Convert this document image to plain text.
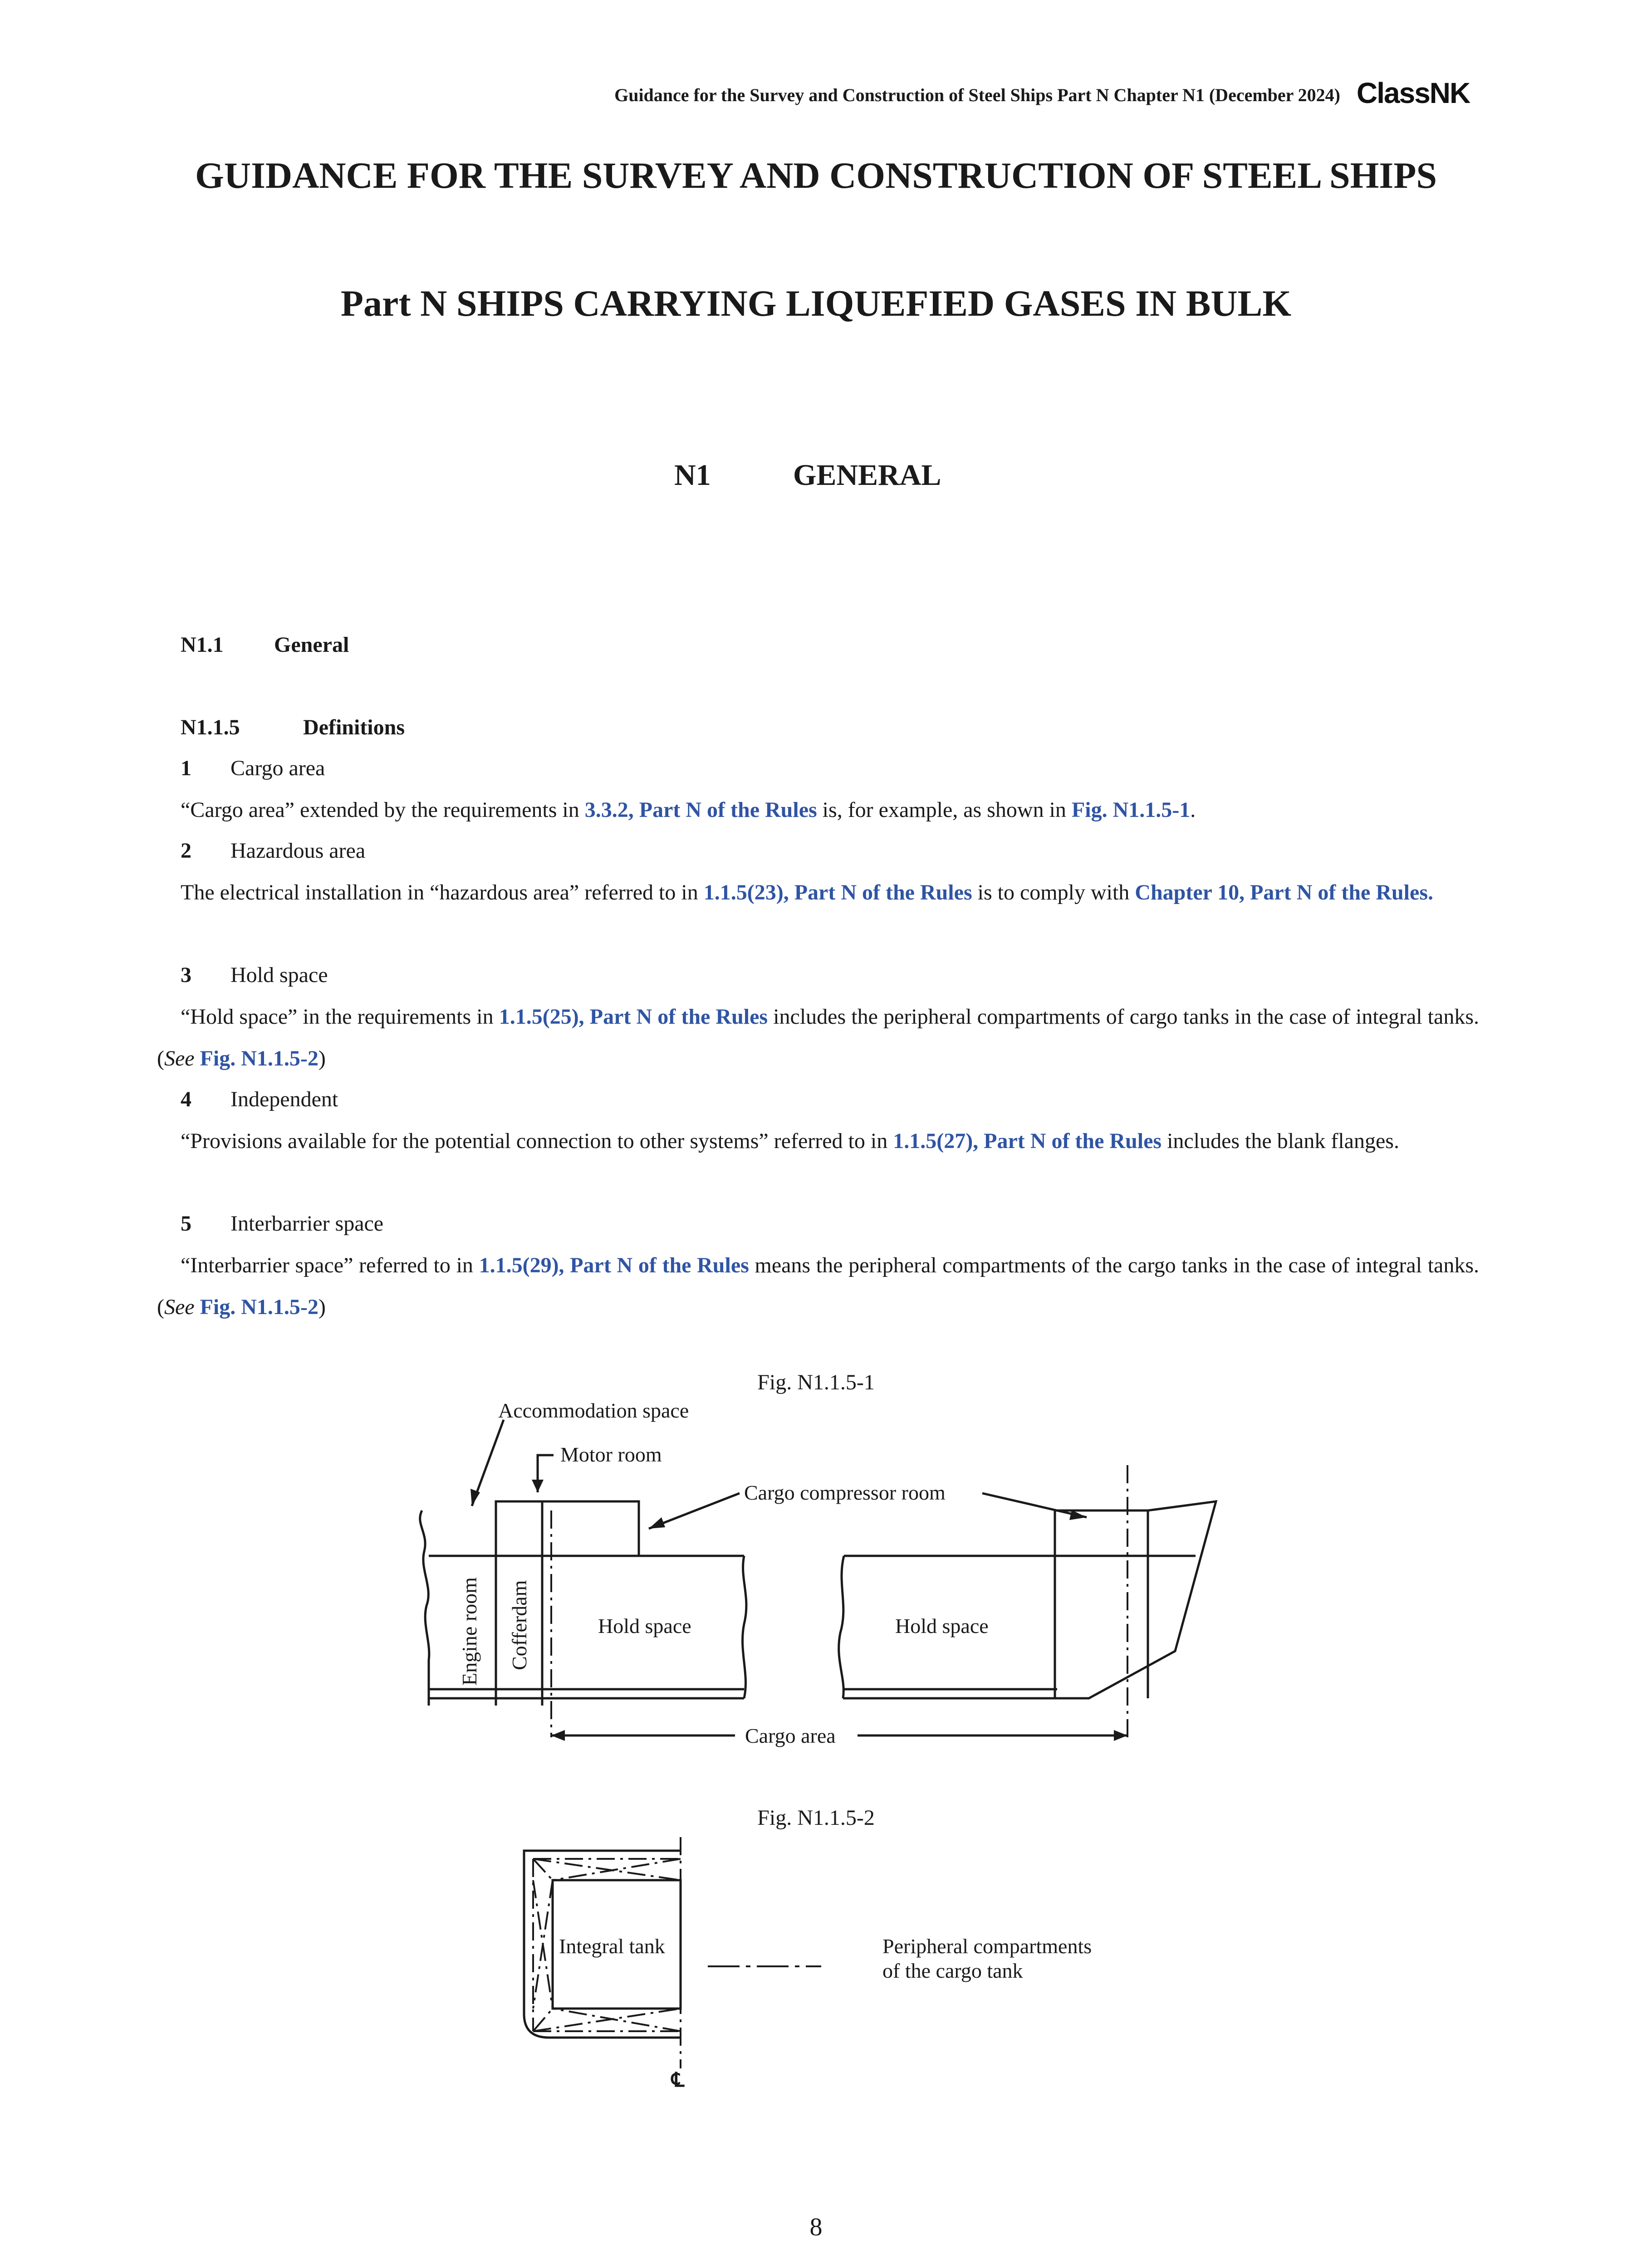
Guidance for the Survey and Construction of Steel Ships Part N Chapter N1 (December 2024) ClassNK
GUIDANCE FOR THE SURVEY AND CONSTRUCTION OF STEEL SHIPS
Part N SHIPS CARRYING LIQUEFIED GASES IN BULK
N1	GENERAL
N1.1 General
N1.1.5	Definitions
1 Cargo area
“Cargo area” extended by the requirements in 3.3.2, Part N of the Rules is, for example, as shown in Fig. N1.1.5-1.
2 Hazardous area
The electrical installation in “hazardous area” referred to in 1.1.5(23), Part N of the Rules is to comply with Chapter 10, Part N of the Rules.
3 Hold space
“Hold space” in the requirements in 1.1.5(25), Part N of the Rules includes the peripheral compartments of cargo tanks in the case of integral tanks. (See Fig. N1.1.5-2)
4 Independent
“Provisions available for the potential connection to other systems” referred to in 1.1.5(27), Part N of the Rules includes the blank flanges.
5 Interbarrier space
“Interbarrier space” referred to in 1.1.5(29), Part N of the Rules means the peripheral compartments of the cargo tanks in the case of integral tanks. (See Fig. N1.1.5-2)
Fig. N1.1.5-1
Accommodation space
Motor room
Cargo compressor room
Hold space	Hold space
Cargo area
Engine room Cofferdam
Integral tank	Peripheral compartments
of the cargo tank
℄
Fig. N1.1.5-2
8
